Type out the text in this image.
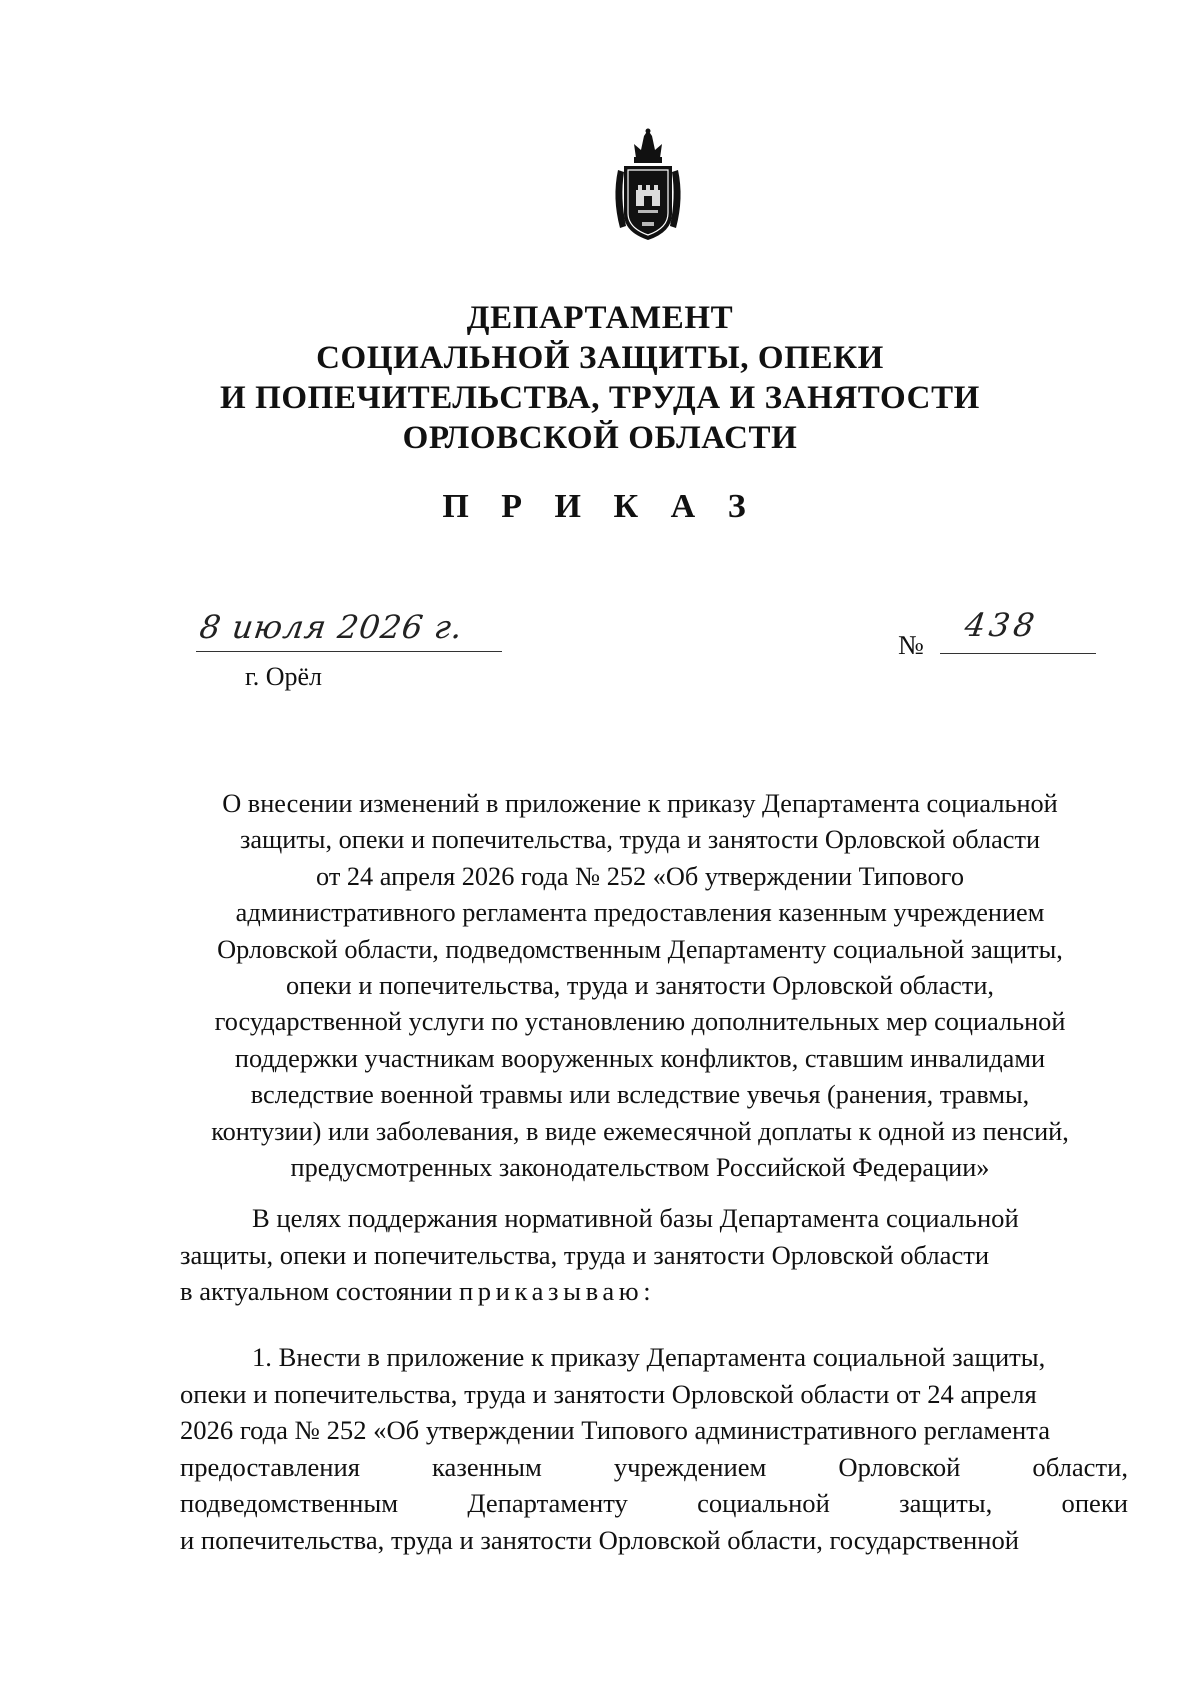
ДЕПАРТАМЕНТ
СОЦИАЛЬНОЙ ЗАЩИТЫ, ОПЕКИ
И ПОПЕЧИТЕЛЬСТВА, ТРУДА И ЗАНЯТОСТИ
ОРЛОВСКОЙ ОБЛАСТИ
П Р И К А З
8 июля 2026 г.
г. Орёл
№
438
О внесении изменений в приложение к приказу Департамента социальной
защиты, опеки и попечительства, труда и занятости Орловской области
от 24 апреля 2026 года № 252 «Об утверждении Типового
административного регламента предоставления казенным учреждением
Орловской области, подведомственным Департаменту социальной защиты,
опеки и попечительства, труда и занятости Орловской области,
государственной услуги по установлению дополнительных мер социальной
поддержки участникам вооруженных конфликтов, ставшим инвалидами
вследствие военной травмы или вследствие увечья (ранения, травмы,
контузии) или заболевания, в виде ежемесячной доплаты к одной из пенсий,
предусмотренных законодательством Российской Федерации»
В целях поддержания нормативной базы Департамента социальной
защиты, опеки и попечительства, труда и занятости Орловской области
в актуальном состоянии приказываю:
1. Внести в приложение к приказу Департамента социальной защиты,
опеки и попечительства, труда и занятости Орловской области от 24 апреля
2026 года № 252 «Об утверждении Типового административного регламента
предоставления	казенным	учреждением	Орловской	области,
подведомственным	Департаменту	социальной	защиты,	опеки
и попечительства, труда и занятости Орловской области, государственной
